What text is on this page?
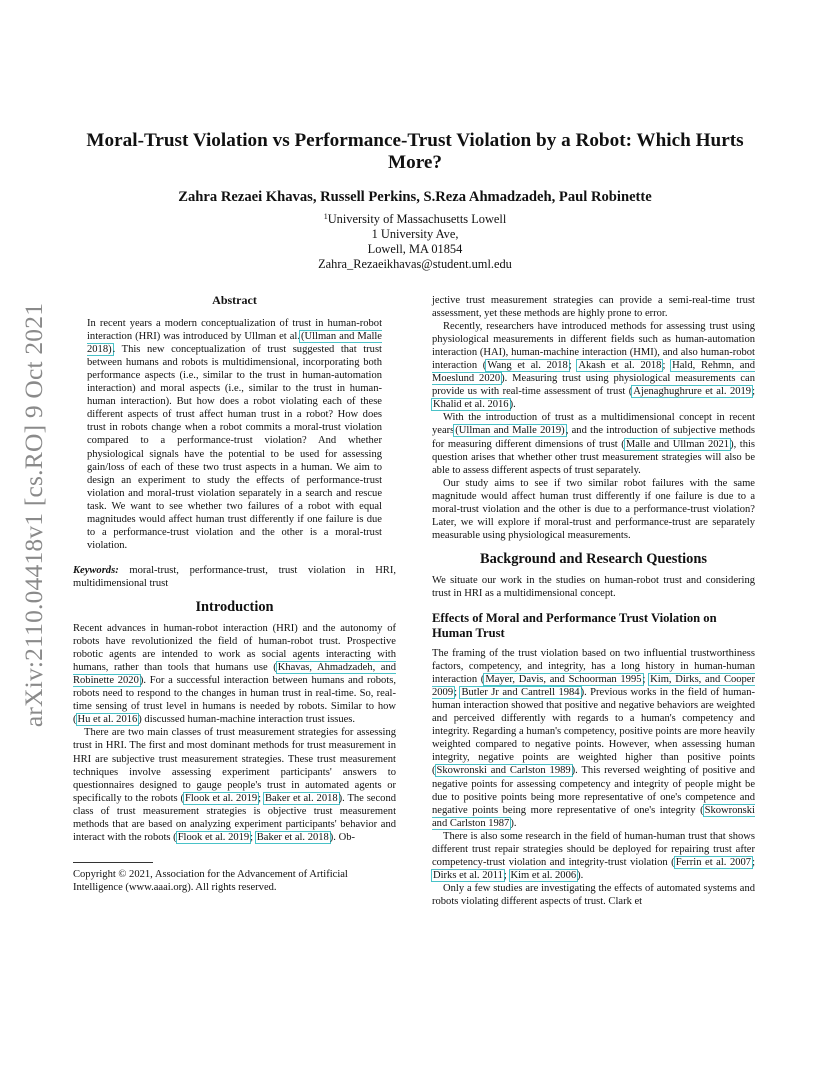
arXiv:2110.04418v1 [cs.RO] 9 Oct 2021
Moral-Trust Violation vs Performance-Trust Violation by a Robot: Which Hurts
More?
Zahra Rezaei Khavas, Russell Perkins, S.Reza Ahmadzadeh, Paul Robinette
$^1$University of Massachusetts Lowell
1 University Ave,
Lowell, MA 01854
Zahra_Rezaeikhavas@student.uml.edu
Abstract

In recent years a modern conceptualization of trust in human-robot interaction (HRI) was introduced by Ullman et al.(Ullman and Malle 2018). This new conceptualization of trust suggested that trust between humans and robots is multidimensional, incorporating both performance aspects (i.e., similar to the trust in human-automation interaction) and moral aspects (i.e., similar to the trust in human-human interaction). But how does a robot violating each of these different aspects of trust affect human trust in a robot? How does trust in robots change when a robot commits a moral-trust violation compared to a performance-trust violation? And whether physiological signals have the potential to be used for assessing gain/loss of each of these two trust aspects in a human. We aim to design an experiment to study the effects of performance-trust violation and moral-trust violation separately in a search and rescue task. We want to see whether two failures of a robot with equal magnitudes would affect human trust differently if one failure is due to a performance-trust violation and the other is a moral-trust violation.

Keywords: moral-trust, performance-trust, trust violation in HRI, multidimensional trust

Introduction

Recent advances in human-robot interaction (HRI) and the autonomy of robots have revolutionized the field of human-robot trust. Prospective robotic agents are intended to work as social agents interacting with humans, rather than tools that humans use (Khavas, Ahmadzadeh, and Robinette 2020). For a successful interaction between humans and robots, robots need to respond to the changes in human trust in real-time. So, real-time sensing of trust level in humans is needed by robots. Similar to how (Hu et al. 2016) discussed human-machine interaction trust issues.

There are two main classes of trust measurement strategies for assessing trust in HRI. The first and most dominant methods for trust measurement in HRI are subjective trust measurement strategies. These trust measurement techniques involve assessing experiment participants' answers to questionnaires designed to gauge people's trust in automated agents or specifically to the robots (Flook et al. 2019; Baker et al. 2018). The second class of trust measurement strategies is objective trust measurement methods that are based on analyzing experiment participants' behavior and interact with the robots (Flook et al. 2019; Baker et al. 2018). Ob-

Copyright © 2021, Association for the Advancement of Artificial Intelligence (www.aaai.org). All rights reserved.

jective trust measurement strategies can provide a semi-real-time trust assessment, yet these methods are highly prone to error.

Recently, researchers have introduced methods for assessing trust using physiological measurements in different fields such as human-automation interaction (HAI), human-machine interaction (HMI), and also human-robot interaction (Wang et al. 2018; Akash et al. 2018; Hald, Rehmn, and Moeslund 2020). Measuring trust using physiological measurements can provide us with real-time assessment of trust (Ajenaghughrure et al. 2019; Khalid et al. 2016).

With the introduction of trust as a multidimensional concept in recent years(Ullman and Malle 2019), and the introduction of subjective methods for measuring different dimensions of trust (Malle and Ullman 2021), this question arises that whether other trust measurement strategies will also be able to assess different aspects of trust separately.

Our study aims to see if two similar robot failures with the same magnitude would affect human trust differently if one failure is due to a moral-trust violation and the other is due to a performance-trust violation? Later, we will explore if moral-trust and performance-trust are separately measurable using physiological measurements.

Background and Research Questions

We situate our work in the studies on human-robot trust and considering trust in HRI as a multidimensional concept.

Effects of Moral and Performance Trust Violation on Human Trust

The framing of the trust violation based on two influential trustworthiness factors, competency, and integrity, has a long history in human-human interaction (Mayer, Davis, and Schoorman 1995; Kim, Dirks, and Cooper 2009; Butler Jr and Cantrell 1984). Previous works in the field of human-human interaction showed that positive and negative behaviors are weighted and perceived differently with regards to a human's competency and integrity. Regarding a human's competency, positive points are more heavily weighted compared to negative points. However, when assessing human integrity, negative points are weighted higher than positive points (Skowronski and Carlston 1989). This reversed weighting of positive and negative points for assessing competency and integrity of people might be due to positive points being more representative of one's competence and negative points being more representative of one's integrity (Skowronski and Carlston 1987).

There is also some research in the field of human-human trust that shows different trust repair strategies should be deployed for repairing trust after competency-trust violation and integrity-trust violation (Ferrin et al. 2007; Dirks et al. 2011; Kim et al. 2006).

Only a few studies are investigating the effects of automated systems and robots violating different aspects of trust. Clark et
